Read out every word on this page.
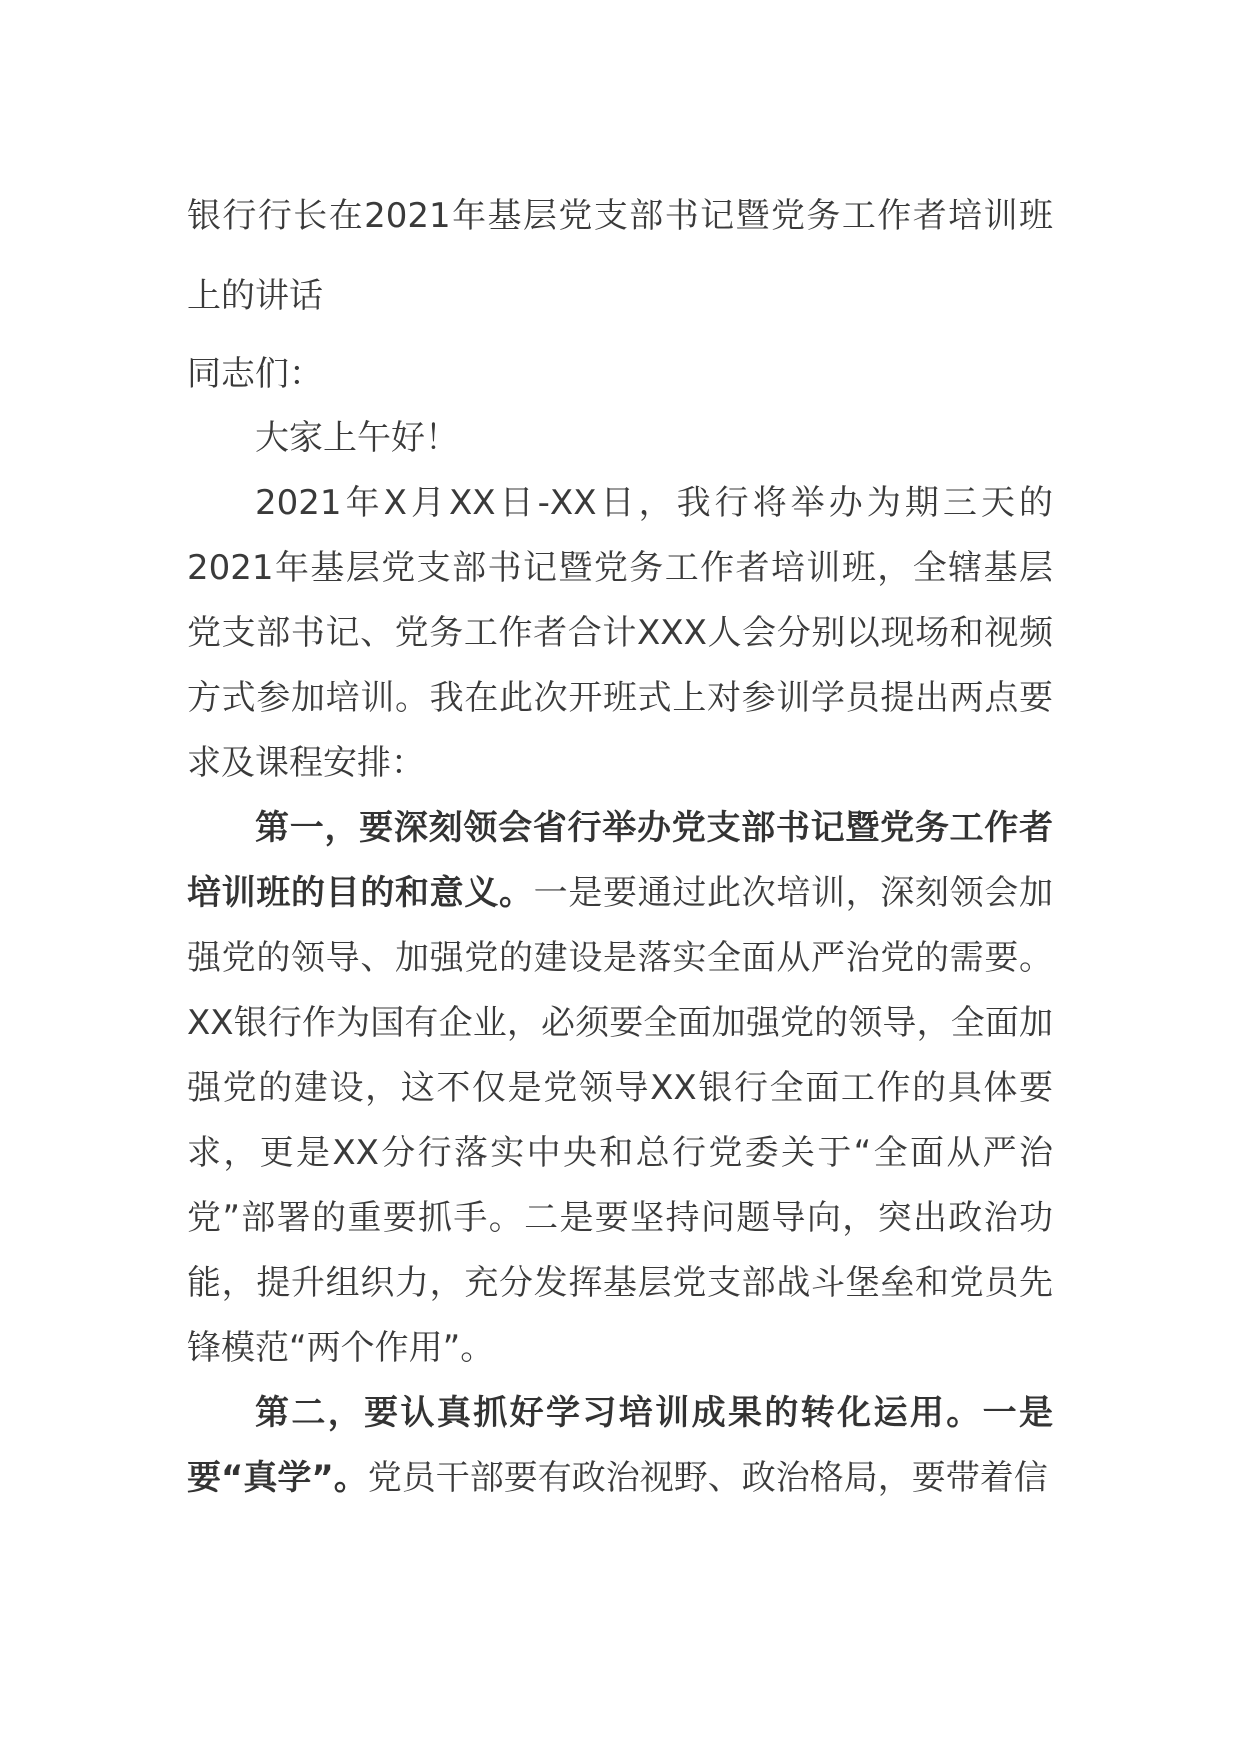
银行行长在2021年基层党支部书记暨党务工作者培训班上的讲话

同志们：

大家上午好！

2021年X月XX日-XX日，我行将举办为期三天的2021年基层党支部书记暨党务工作者培训班，全辖基层党支部书记、党务工作者合计XXX人会分别以现场和视频方式参加培训。我在此次开班式上对参训学员提出两点要求及课程安排：

第一，要深刻领会省行举办党支部书记暨党务工作者培训班的目的和意义。一是要通过此次培训，深刻领会加强党的领导、加强党的建设是落实全面从严治党的需要。XX银行作为国有企业，必须要全面加强党的领导，全面加强党的建设，这不仅是党领导XX银行全面工作的具体要求，更是XX分行落实中央和总行党委关于“全面从严治党”部署的重要抓手。二是要坚持问题导向，突出政治功能，提升组织力，充分发挥基层党支部战斗堡垒和党员先锋模范“两个作用”。

第二，要认真抓好学习培训成果的转化运用。一是要“真学”。党员干部要有政治视野、政治格局，要带着信
